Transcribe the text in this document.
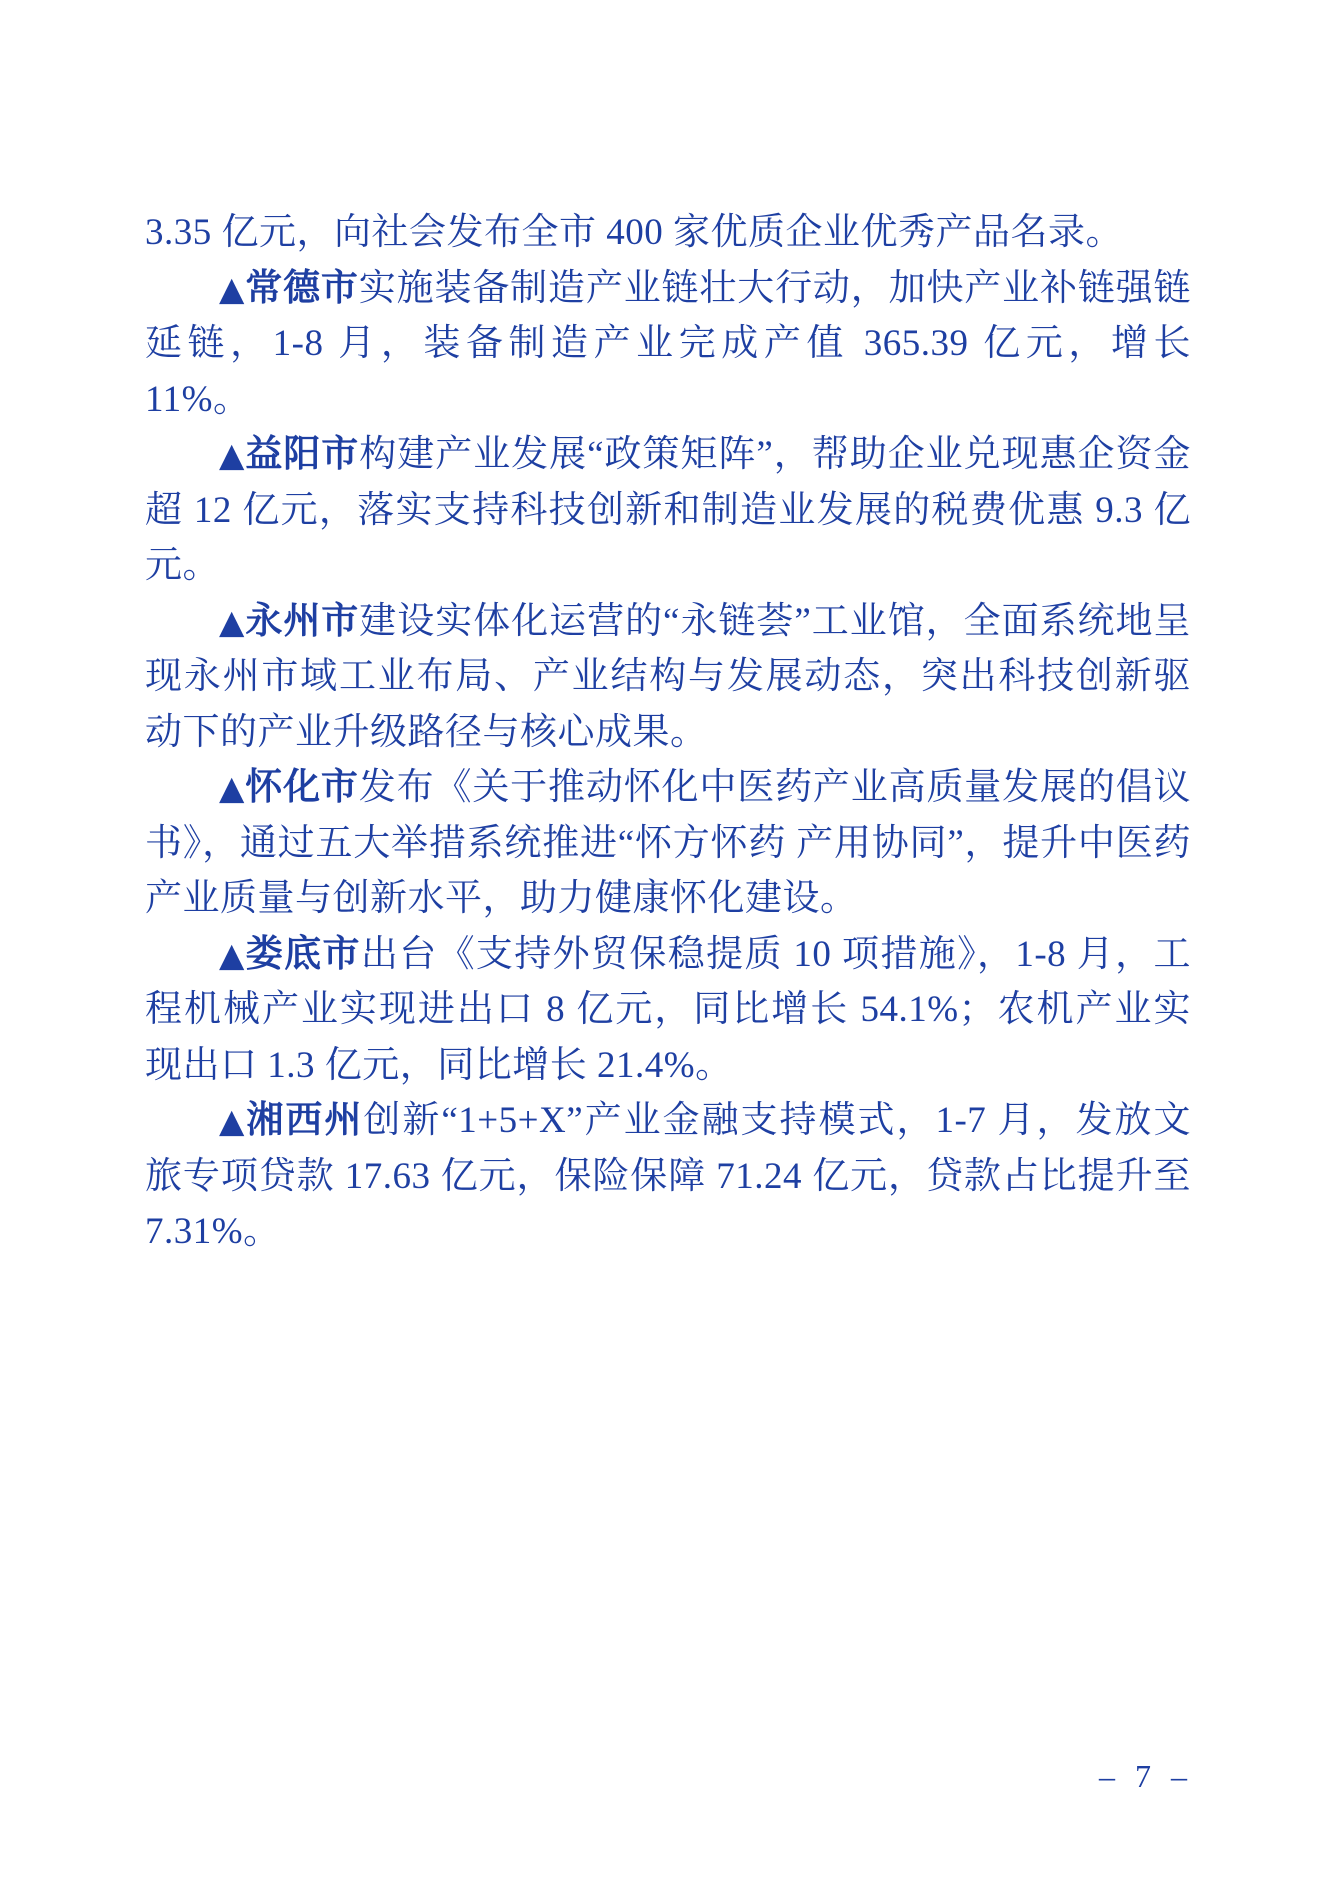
3.35 亿元，向社会发布全市 400 家优质企业优秀产品名录。

▲常德市实施装备制造产业链壮大行动，加快产业补链强链延链，1-8 月，装备制造产业完成产值 365.39 亿元，增长 11%。

▲益阳市构建产业发展“政策矩阵”，帮助企业兑现惠企资金超 12 亿元，落实支持科技创新和制造业发展的税费优惠 9.3 亿元。

▲永州市建设实体化运营的“永链荟”工业馆，全面系统地呈现永州市域工业布局、产业结构与发展动态，突出科技创新驱动下的产业升级路径与核心成果。

▲怀化市发布《关于推动怀化中医药产业高质量发展的倡议书》，通过五大举措系统推进“怀方怀药 产用协同”，提升中医药产业质量与创新水平，助力健康怀化建设。

▲娄底市出台《支持外贸保稳提质 10 项措施》，1-8 月，工程机械产业实现进出口 8 亿元，同比增长 54.1%；农机产业实现出口 1.3 亿元，同比增长 21.4%。

▲湘西州创新“1+5+X”产业金融支持模式，1-7 月，发放文旅专项贷款 17.63 亿元，保险保障 71.24 亿元，贷款占比提升至 7.31%。

– 7 –
